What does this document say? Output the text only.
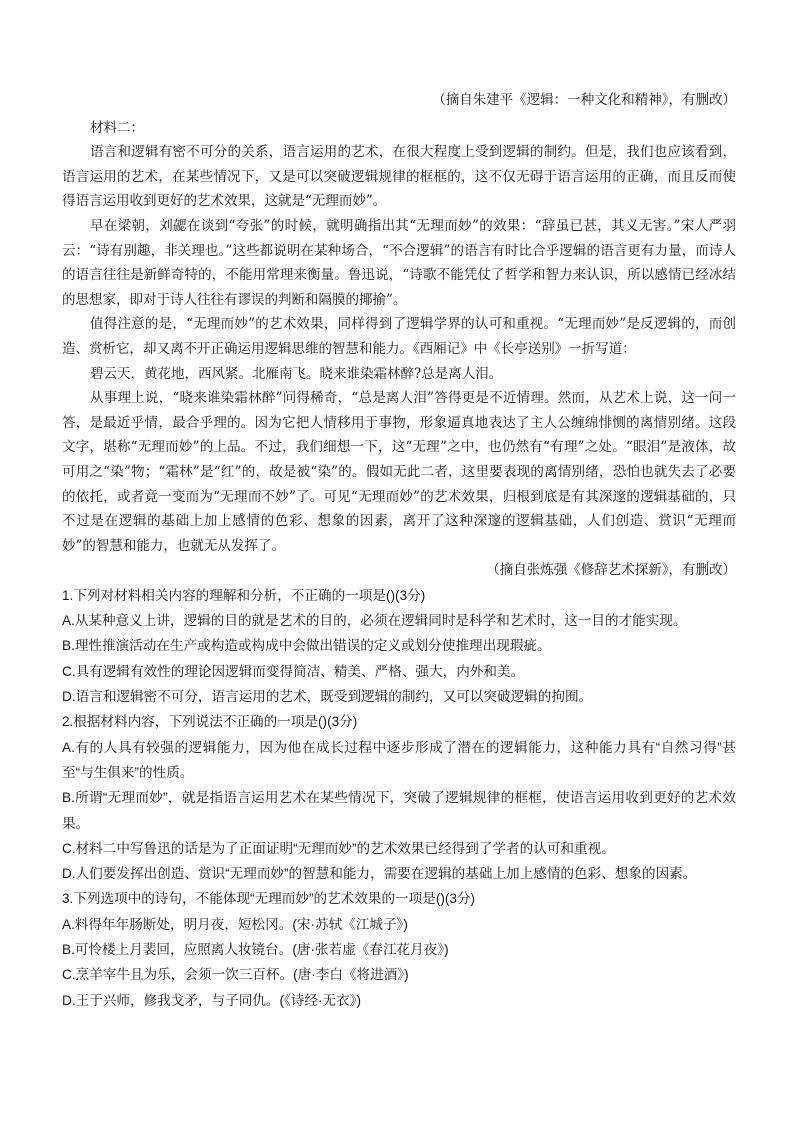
（摘自朱建平《逻辑：一种文化和精神》，有删改）

材料二：

语言和逻辑有密不可分的关系，语言运用的艺术，在很大程度上受到逻辑的制约。但是，我们也应该看到，语言运用的艺术，在某些情况下，又是可以突破逻辑规律的框框的，这不仅无碍于语言运用的正确，而且反而使得语言运用收到更好的艺术效果，这就是“无理而妙”。

早在梁朝，刘勰在谈到“夸张”的时候，就明确指出其“无理而妙”的效果：“辞虽已甚，其义无害。”宋人严羽云：“诗有别趣，非关理也。”这些都说明在某种场合，“不合逻辑”的语言有时比合乎逻辑的语言更有力量，而诗人的语言往往是新鲜奇特的，不能用常理来衡量。鲁迅说，“诗歌不能凭仗了哲学和智力来认识，所以感情已经冰结的思想家，即对于诗人往往有谬误的判断和隔膜的揶揄”。

值得注意的是，“无理而妙”的艺术效果，同样得到了逻辑学界的认可和重视。“无理而妙”是反逻辑的，而创造、赏析它，却又离不开正确运用逻辑思维的智慧和能力。《西厢记》中《长亭送别》一折写道：

碧云天，黄花地，西风紧。北雁南飞。晓来谁染霜林醉?总是离人泪。

从事理上说，“晓来谁染霜林醉”问得稀奇，“总是离人泪”答得更是不近情理。然而，从艺术上说，这一问一答，是最近乎情，最合乎理的。因为它把人情移用于事物，形象逼真地表达了主人公缠绵悱恻的离情别绪。这段文字，堪称“无理而妙”的上品。不过，我们细想一下，这“无理”之中，也仍然有“有理”之处。“眼泪”是液体，故可用之“染”物；“霜林”是“红”的，故是被“染”的。假如无此二者，这里要表现的离情别绪，恐怕也就失去了必要的依托，或者竟一变而为“无理而不妙”了。可见“无理而妙”的艺术效果，归根到底是有其深邃的逻辑基础的，只不过是在逻辑的基础上加上感情的色彩、想象的因素，离开了这种深邃的逻辑基础，人们创造、赏识“无理而妙”的智慧和能力，也就无从发挥了。

（摘自张炼强《修辞艺术探新》，有删改）

1.下列对材料相关内容的理解和分析，不正确的一项是()(3分)

A.从某种意义上讲，逻辑的目的就是艺术的目的，必须在逻辑同时是科学和艺术时，这一目的才能实现。

B.理性推演活动在生产或构造或构成中会做出错误的定义或划分使推理出现瑕疵。

C.具有逻辑有效性的理论因逻辑而变得简洁、精美、严格、强大，内外和美。

D.语言和逻辑密不可分，语言运用的艺术，既受到逻辑的制约，又可以突破逻辑的拘囿。

2.根据材料内容，下列说法不正确的一项是()(3分)

A.有的人具有较强的逻辑能力，因为他在成长过程中逐步形成了潜在的逻辑能力，这种能力具有“自然习得”甚至“与生俱来”的性质。

B.所谓“无理而妙”，就是指语言运用艺术在某些情况下，突破了逻辑规律的框框，使语言运用收到更好的艺术效果。

C.材料二中写鲁迅的话是为了正面证明“无理而妙”的艺术效果已经得到了学者的认可和重视。

D.人们要发挥出创造、赏识“无理而妙”的智慧和能力，需要在逻辑的基础上加上感情的色彩、想象的因素。

3.下列选项中的诗句，不能体现“无理而妙”的艺术效果的一项是()(3分)

A.料得年年肠断处，明月夜，短松冈。(宋·苏轼《江城子》)

B.可怜楼上月裴回，应照离人妆镜台。(唐·张若虚《春江花月夜》)

C.烹羊宰牛且为乐，会须一饮三百杯。(唐·李白《将进酒》)

D.王于兴师，修我戈矛，与子同仇。(《诗经·无衣》)
